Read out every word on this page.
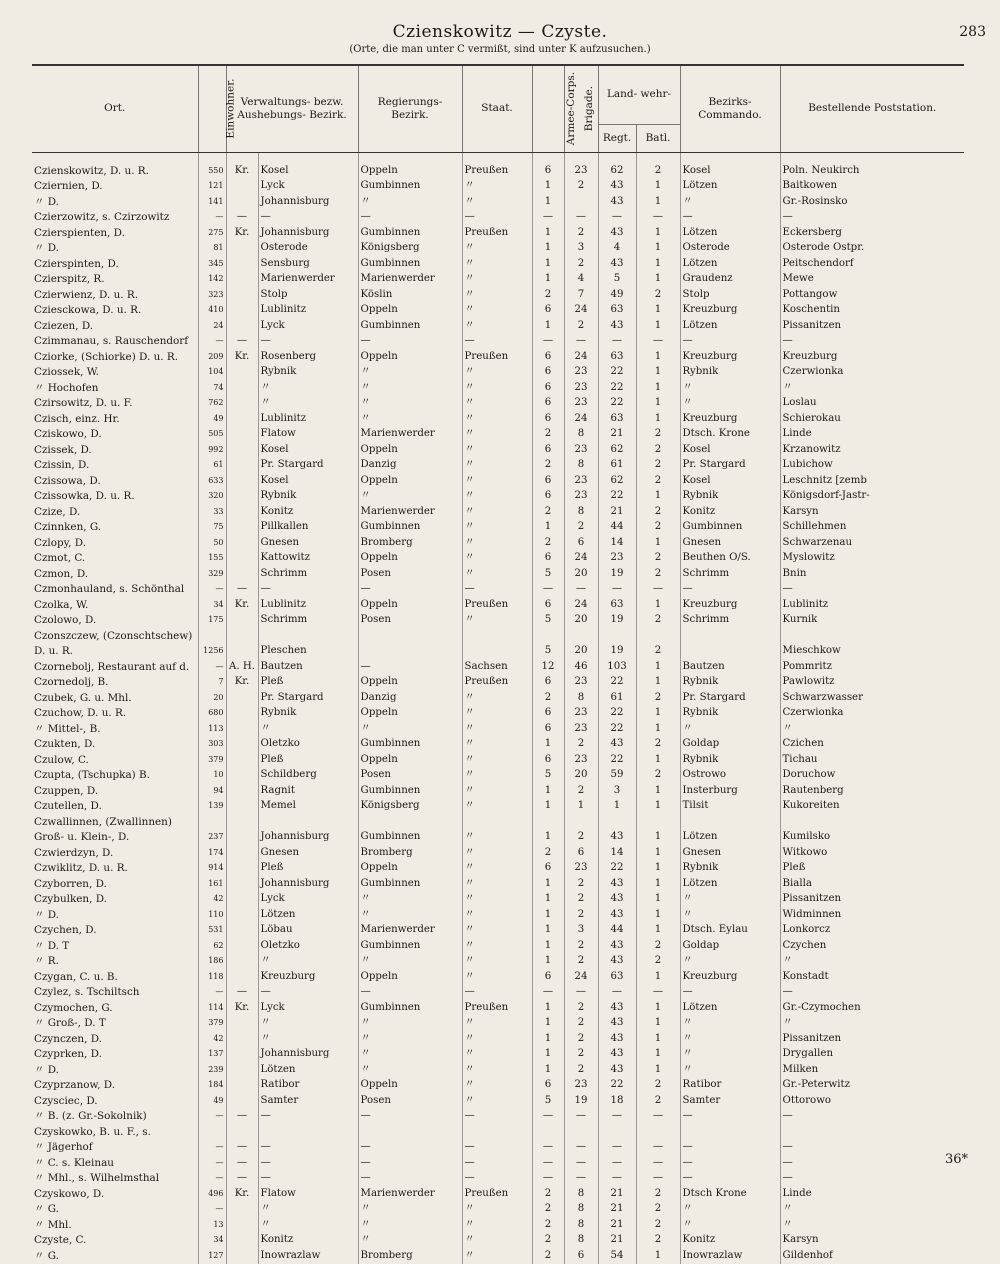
Czienskowitz — Czyste.
(Orte, die man unter C vermißt, sind unter K aufzusuchen.)
283
Ort.	Einwohner.	Verwaltungs- bezw. Aushebungs- Bezirk.		Regierungs- Bezirk.	Staat.	Armee-Corps.	Brigade.	Land- wehr-
Regt. Batl.		Bezirks- Commando.	Bestellende Poststation.
Czienskowitz, D. u. R.	550	Kr.	Kosel	Oppeln	Preußen	6	23	62	2	Kosel	Poln. Neukirch
Cziernien, D.	121		Lyck	Gumbinnen	〃	1	2	43	1	Lötzen	Baitkowen
〃 D.	141		Johannisburg	〃	〃	1		43	1	〃	Gr.-Rosinsko
Czierzowitz, s. Czirzowitz	—	—	—	—	—	—	—	—	—	—	—
Czierspienten, D.	275	Kr.	Johannisburg	Gumbinnen	Preußen	1	2	43	1	Lötzen	Eckersberg
〃 D.	81		Osterode	Königsberg	〃	1	3	4	1	Osterode	Osterode Ostpr.
Czierspinten, D.	345		Sensburg	Gumbinnen	〃	1	2	43	1	Lötzen	Peitschendorf
Czierspitz, R.	142		Marienwerder	Marienwerder	〃	1	4	5	1	Graudenz	Mewe
Czierwienz, D. u. R.	323		Stolp	Köslin	〃	2	7	49	2	Stolp	Pottangow
Cziesckowa, D. u. R.	410		Lublinitz	Oppeln	〃	6	24	63	1	Kreuzburg	Koschentin
Cziezen, D.	24		Lyck	Gumbinnen	〃	1	2	43	1	Lötzen	Pissanitzen
Czimmanau, s. Rauschendorf	—	—	—	—	—	—	—	—	—	—	—
Cziorke, (Schiorke) D. u. R.	209	Kr.	Rosenberg	Oppeln	Preußen	6	24	63	1	Kreuzburg	Kreuzburg
Cziossek, W.	104		Rybnik	〃	〃	6	23	22	1	Rybnik	Czerwionka
〃 Hochofen	74		〃	〃	〃	6	23	22	1	〃	〃
Czirsowitz, D. u. F.	762		〃	〃	〃	6	23	22	1	〃	Loslau
Czisch, einz. Hr.	49		Lublinitz	〃	〃	6	24	63	1	Kreuzburg	Schierokau
Cziskowo, D.	505		Flatow	Marienwerder	〃	2	8	21	2	Dtsch. Krone	Linde
Czissek, D.	992		Kosel	Oppeln	〃	6	23	62	2	Kosel	Krzanowitz
Czissin, D.	61		Pr. Stargard	Danzig	〃	2	8	61	2	Pr. Stargard	Lubichow
Czissowa, D.	633		Kosel	Oppeln	〃	6	23	62	2	Kosel	Leschnitz [zemb
Czissowka, D. u. R.	320		Rybnik	〃	〃	6	23	22	1	Rybnik	Königsdorf-Jastr-
Czize, D.	33		Konitz	Marienwerder	〃	2	8	21	2	Konitz	Karsyn
Czinnken, G.	75		Pillkallen	Gumbinnen	〃	1	2	44	2	Gumbinnen	Schillehmen
Czlopy, D.	50		Gnesen	Bromberg	〃	2	6	14	1	Gnesen	Schwarzenau
Czmot, C.	155		Kattowitz	Oppeln	〃	6	24	23	2	Beuthen O/S.	Myslowitz
Czmon, D.	329		Schrimm	Posen	〃	5	20	19	2	Schrimm	Bnin
Czmonhauland, s. Schönthal	—	—	—	—	—	—	—	—	—	—	—
Czolka, W.	34	Kr.	Lublinitz	Oppeln	Preußen	6	24	63	1	Kreuzburg	Lublinitz
Czolowo, D.	175		Schrimm	Posen	〃	5	20	19	2	Schrimm	Kurnik
Czonszczew, (Czonschtschew)											
D. u. R.	1256		Pleschen			5	20	19	2		Mieschkow
Czornebolj, Restaurant auf d.	—	A. H.	Bautzen	—	Sachsen	12	46	103	1	Bautzen	Pommritz
Czornedolj, B.	7	Kr.	Pleß	Oppeln	Preußen	6	23	22	1	Rybnik	Pawlowitz
Czubek, G. u. Mhl.	20		Pr. Stargard	Danzig	〃	2	8	61	2	Pr. Stargard	Schwarzwasser
Czuchow, D. u. R.	680		Rybnik	Oppeln	〃	6	23	22	1	Rybnik	Czerwionka
〃 Mittel-, B.	113		〃	〃	〃	6	23	22	1	〃	〃
Czukten, D.	303		Oletzko	Gumbinnen	〃	1	2	43	2	Goldap	Czichen
Czulow, C.	379		Pleß	Oppeln	〃	6	23	22	1	Rybnik	Tichau
Czupta, (Tschupka) B.	10		Schildberg	Posen	〃	5	20	59	2	Ostrowo	Doruchow
Czuppen, D.	94		Ragnit	Gumbinnen	〃	1	2	3	1	Insterburg	Rautenberg
Czutellen, D.	139		Memel	Königsberg	〃	1	1	1	1	Tilsit	Kukoreiten
Czwallinnen, (Zwallinnen)											
Groß- u. Klein-, D.	237		Johannisburg	Gumbinnen	〃	1	2	43	1	Lötzen	Kumilsko
Czwierdzyn, D.	174		Gnesen	Bromberg	〃	2	6	14	1	Gnesen	Witkowo
Czwiklitz, D. u. R.	914		Pleß	Oppeln	〃	6	23	22	1	Rybnik	Pleß
Czyborren, D.	161		Johannisburg	Gumbinnen	〃	1	2	43	1	Lötzen	Bialla
Czybulken, D.	42		Lyck	〃	〃	1	2	43	1	〃	Pissanitzen
〃 D.	110		Lötzen	〃	〃	1	2	43	1	〃	Widminnen
Czychen, D.	531		Löbau	Marienwerder	〃	1	3	44	1	Dtsch. Eylau	Lonkorcz
〃 D. T	62		Oletzko	Gumbinnen	〃	1	2	43	2	Goldap	Czychen
〃 R.	186		〃	〃	〃	1	2	43	2	〃	〃
Czygan, C. u. B.	118		Kreuzburg	Oppeln	〃	6	24	63	1	Kreuzburg	Konstadt
Czylez, s. Tschiltsch	—	—	—	—	—	—	—	—	—	—	—
Czymochen, G.	114	Kr.	Lyck	Gumbinnen	Preußen	1	2	43	1	Lötzen	Gr.-Czymochen
〃 Groß-, D. T	379		〃	〃	〃	1	2	43	1	〃	〃
Czynczen, D.	42		〃	〃	〃	1	2	43	1	〃	Pissanitzen
Czyprken, D.	137		Johannisburg	〃	〃	1	2	43	1	〃	Drygallen
〃 D.	239		Lötzen	〃	〃	1	2	43	1	〃	Milken
Czyprzanow, D.	184		Ratibor	Oppeln	〃	6	23	22	2	Ratibor	Gr.-Peterwitz
Czysciec, D.	49		Samter	Posen	〃	5	19	18	2	Samter	Ottorowo
〃 B. (z. Gr.-Sokolnik)	—	—	—	—	—	—	—	—	—	—	—
Czyskowko, B. u. F., s.											
〃 Jägerhof	—	—	—	—	—	—	—	—	—	—	—
〃 C. s. Kleinau	—	—	—	—	—	—	—	—	—	—	—
〃 Mhl., s. Wilhelmsthal	—	—	—	—	—	—	—	—	—	—	—
Czyskowo, D.	496	Kr.	Flatow	Marienwerder	Preußen	2	8	21	2	Dtsch Krone	Linde
〃 G.	—		〃	〃	〃	2	8	21	2	〃	〃
〃 Mhl.	13		〃	〃	〃	2	8	21	2	〃	〃
Czyste, C.	34		Konitz	〃	〃	2	8	21	2	Konitz	Karsyn
〃 G.	127		Inowrazlaw	Bromberg	〃	2	6	54	1	Inowrazlaw	Gildenhof
36*
